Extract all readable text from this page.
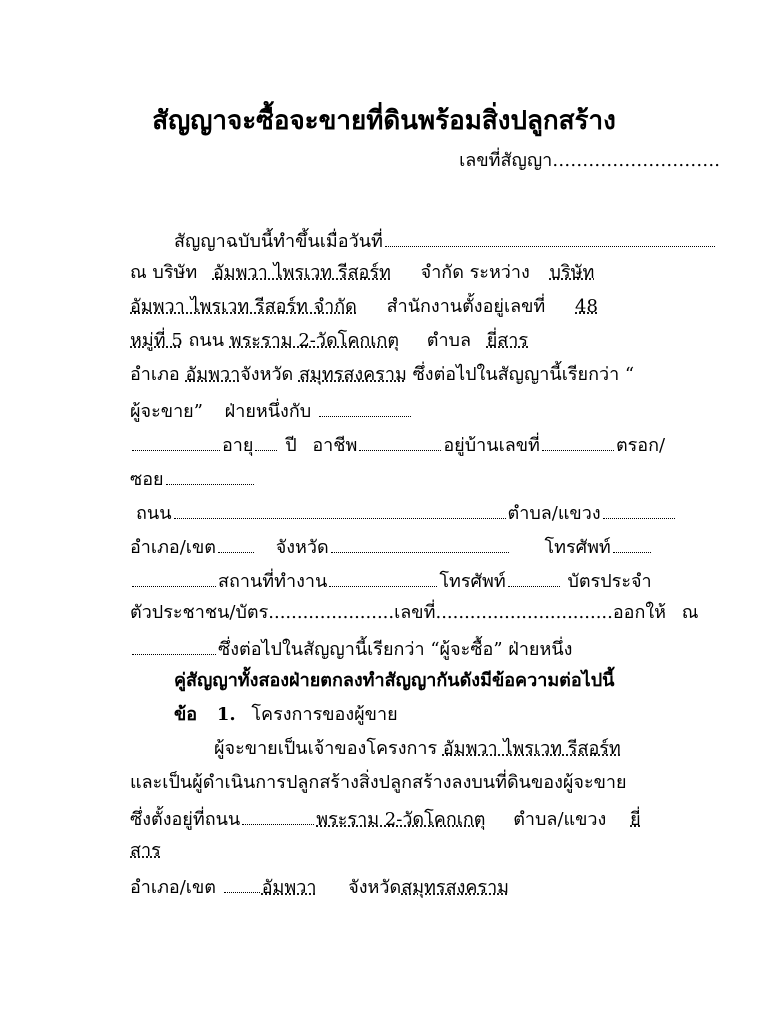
สัญญาจะซื้อจะขายที่ดินพร้อมสิ่งปลูกสร้าง
เลขที่สัญญา……………………….
สัญญาฉบับนี้ทำขึ้นเมื่อวันที่
ณ บริษัท อัมพวา ไพรเวท รีสอร์ท จำกัด ระหว่าง บริษัท
อัมพวา ไพรเวท รีสอร์ท จำกัด สำนักงานตั้งอยู่เลขที่ 48
หมู่ที่ 5 ถนน พระราม 2-วัดโคกเกตุ ตำบล ยี่สาร
อำเภอ อัมพวาจังหวัด สมุทรสงคราม ซึ่งต่อไปในสัญญานี้เรียกว่า “
ผู้จะขาย” ฝ่ายหนึ่งกับ
อายุ ปี อาชีพ	อยู่บ้านเลขที่	ตรอก/
ซอย
ถนน	ตำบล/แขวง
อำเภอ/เขต	จังหวัด	โทรศัพท์
สถานที่ทำงาน	โทรศัพท์	บัตรประจำ
ตัวประชาชน/บัตร......................เลขที่...............................ออกให้ ณ
ซึ่งต่อไปในสัญญานี้เรียกว่า “ผู้จะซื้อ” ฝ่ายหนึ่ง
คู่สัญญาทั้งสองฝ่ายตกลงทำสัญญากันดังมีข้อความต่อไปนี้
ข้อ 1. โครงการของผู้ขาย
ผู้จะขายเป็นเจ้าของโครงการ อัมพวา ไพรเวท รีสอร์ท
และเป็นผู้ดำเนินการปลูกสร้างสิ่งปลูกสร้างลงบนที่ดินของผู้จะขาย
ซึ่งตั้งอยู่ที่ถนน	พระราม 2-วัดโคกเกตุ ตำบล/แขวง ยี่
สาร
อำเภอ/เขต	อัมพวา จังหวัดสมุทรสงคราม
